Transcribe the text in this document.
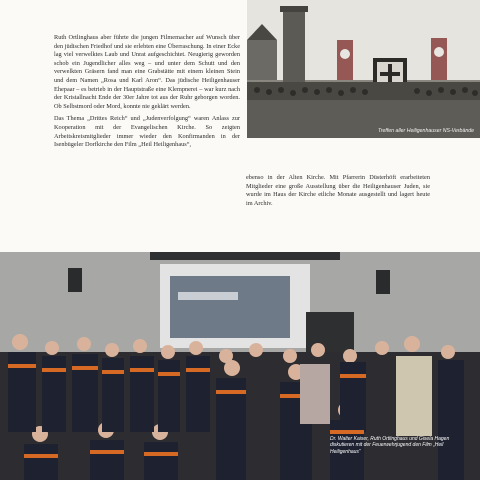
Ruth Ortlinghaus aber führte die jungen Filmemacher auf Wunsch über den jüdischen Friedhof und sie erlebten eine Überraschung. In einer Ecke lag viel verwelktes Laub und Unrat aufgeschichtet. Neugierig geworden schob ein Jugendlicher alles weg – und unter dem Schutt und den verwelkten Gräsern fand man eine Grabstätte mit einem kleinen Stein und dem Namen „Rosa und Karl Aron“. Das jüdische Heiligenhauser Ehepaar – es betrieb in der Hauptstraße eine Klempnerei – war kurz nach der Kristallnacht Ende der 30er Jahre tot aus der Ruhr geborgen worden. Ob Selbstmord oder Mord, konnte nie geklärt werden.

Das Thema „Drittes Reich“ und „Judenverfolgung“ waren Anlass zur Kooperation mit der Evangelischen Kirche. So zeigten Arbeitskreismitglieder immer wieder den Konfirmanden in der Isenbügeler Dorfkirche den Film „Heil Heiligenhaus“,

ebenso in der Alten Kirche. Mit Pfarrerin Düsterhöft erarbeiteten Mitglieder eine große Ausstellung über die Heiligenhauser Juden, sie wurde im Haus der Kirche etliche Monate ausgestellt und lagert heute im Archiv.

Treffen aller Heiligenhauser NS-Verbände
Dr. Walter Kaiser, Ruth Ortlinghaus und Gisela Hagen diskutieren mit der Feuerwehrjugend den Film „Heil Heiligenhaus“
